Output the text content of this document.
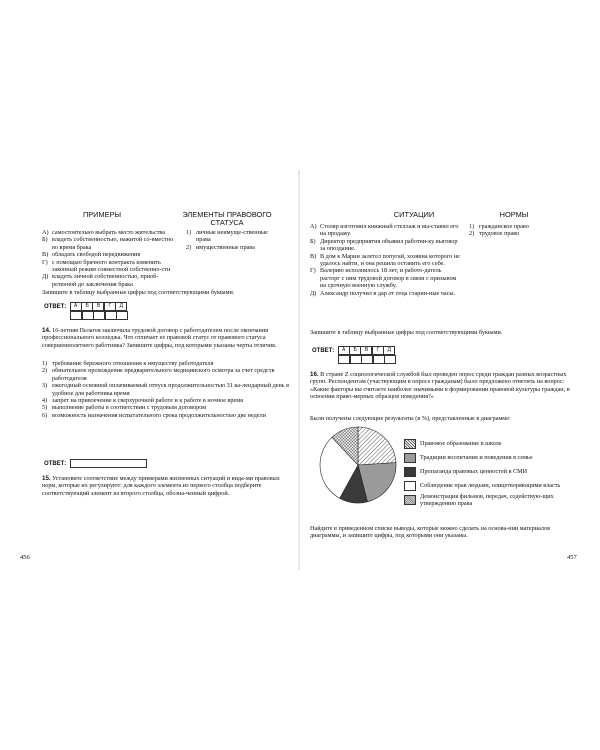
ПРИМЕРЫ	ЭЛЕМЕНТЫ ПРАВОВОГО СТАТУСА
А) самостоятельно выбрать место жительства
Б) владеть собственностью, нажитой со-вместно во время брака
В) обладать свободой передвижения
Г) с помощью брачного контракта изменить законный режим совместной собственно-сти
Д) владеть личной собственностью, приоб-ретенной до заключения брака
1) личные неимуще-ственные права
2) имущественные права
Запишите в таблицу выбранные цифры под соответствующими буквами.
ОТВЕТ:	А	Б	В	Г	Д
14. 16-летняя Пелагея заключила трудовой договор с работодателем после окончания профессионального колледжа. Что отличает ее правовой статус от правового статуса совершеннолетнего работника? Запишите цифры, под которыми указаны черты отличия.
1) требование бережного отношения к имуществу работодателя
2) обязательное прохождение предварительного медицинского осмотра за счет средств работодателя
3) ежегодный основной оплачиваемый отпуск продолжительностью 31 ка-лендарный день в удобное для работника время
4) запрет на привлечение к сверхурочной работе и к работе в ночное время
5) выполнение работы в соответствии с трудовым договором
6) возможность назначения испытательного срока продолжительностью две недели
ОТВЕТ:
15. Установите соответствие между примерами жизненных ситуаций и вида-ми правовых норм, которые их регулируют: для каждого элемента из первого столбца подберите соответствующий элемент из второго столбца, обозна-ченный цифрой.
456
СИТУАЦИИ	НОРМЫ
А) Столяр изготовил книжный стеллаж и вы-ставил его на продажу.
Б) Директор предприятия объявил работни-ку выговор за опоздание.
В) В дом к Марии залетел попугай, хозяина которого не удалось найти, и она решила оставить его себе.
Г) Валерию исполнилось 18 лет, и работо-датель расторг с ним трудовой договор в связи с призывом на срочную военную службу.
Д) Александр получил в дар от отца старин-ные часы.
1) гражданское право
2) трудовое право
Запишите в таблицу выбранные цифры под соответствующими буквами.
ОТВЕТ:	А	Б	В	Г	Д
16. В стране Z социологической службой был проведен опрос среди граждан разных возрастных групп. Респондентам (участвующим в опросе гражданам) было предложено ответить на вопрос: «Какие факторы вы считаете наиболее значимыми в формировании правовой культуры граждан, в освоении право-мерных образцов поведения?»
Были получены следующие результаты (в %), представленные в диаграмме:
Правовое образование в школе
Традиции воспитания и поведения в семье
Пропаганда правовых ценностей в СМИ
Соблюдение прав людьми, олицетворяющими власть
Демонстрация фильмов, передач, содействую-щих утверждению права
Найдите в приведенном списке выводы, которые можно сделать на основа-нии материалов диаграммы, и запишите цифры, под которыми они указаны.
457
